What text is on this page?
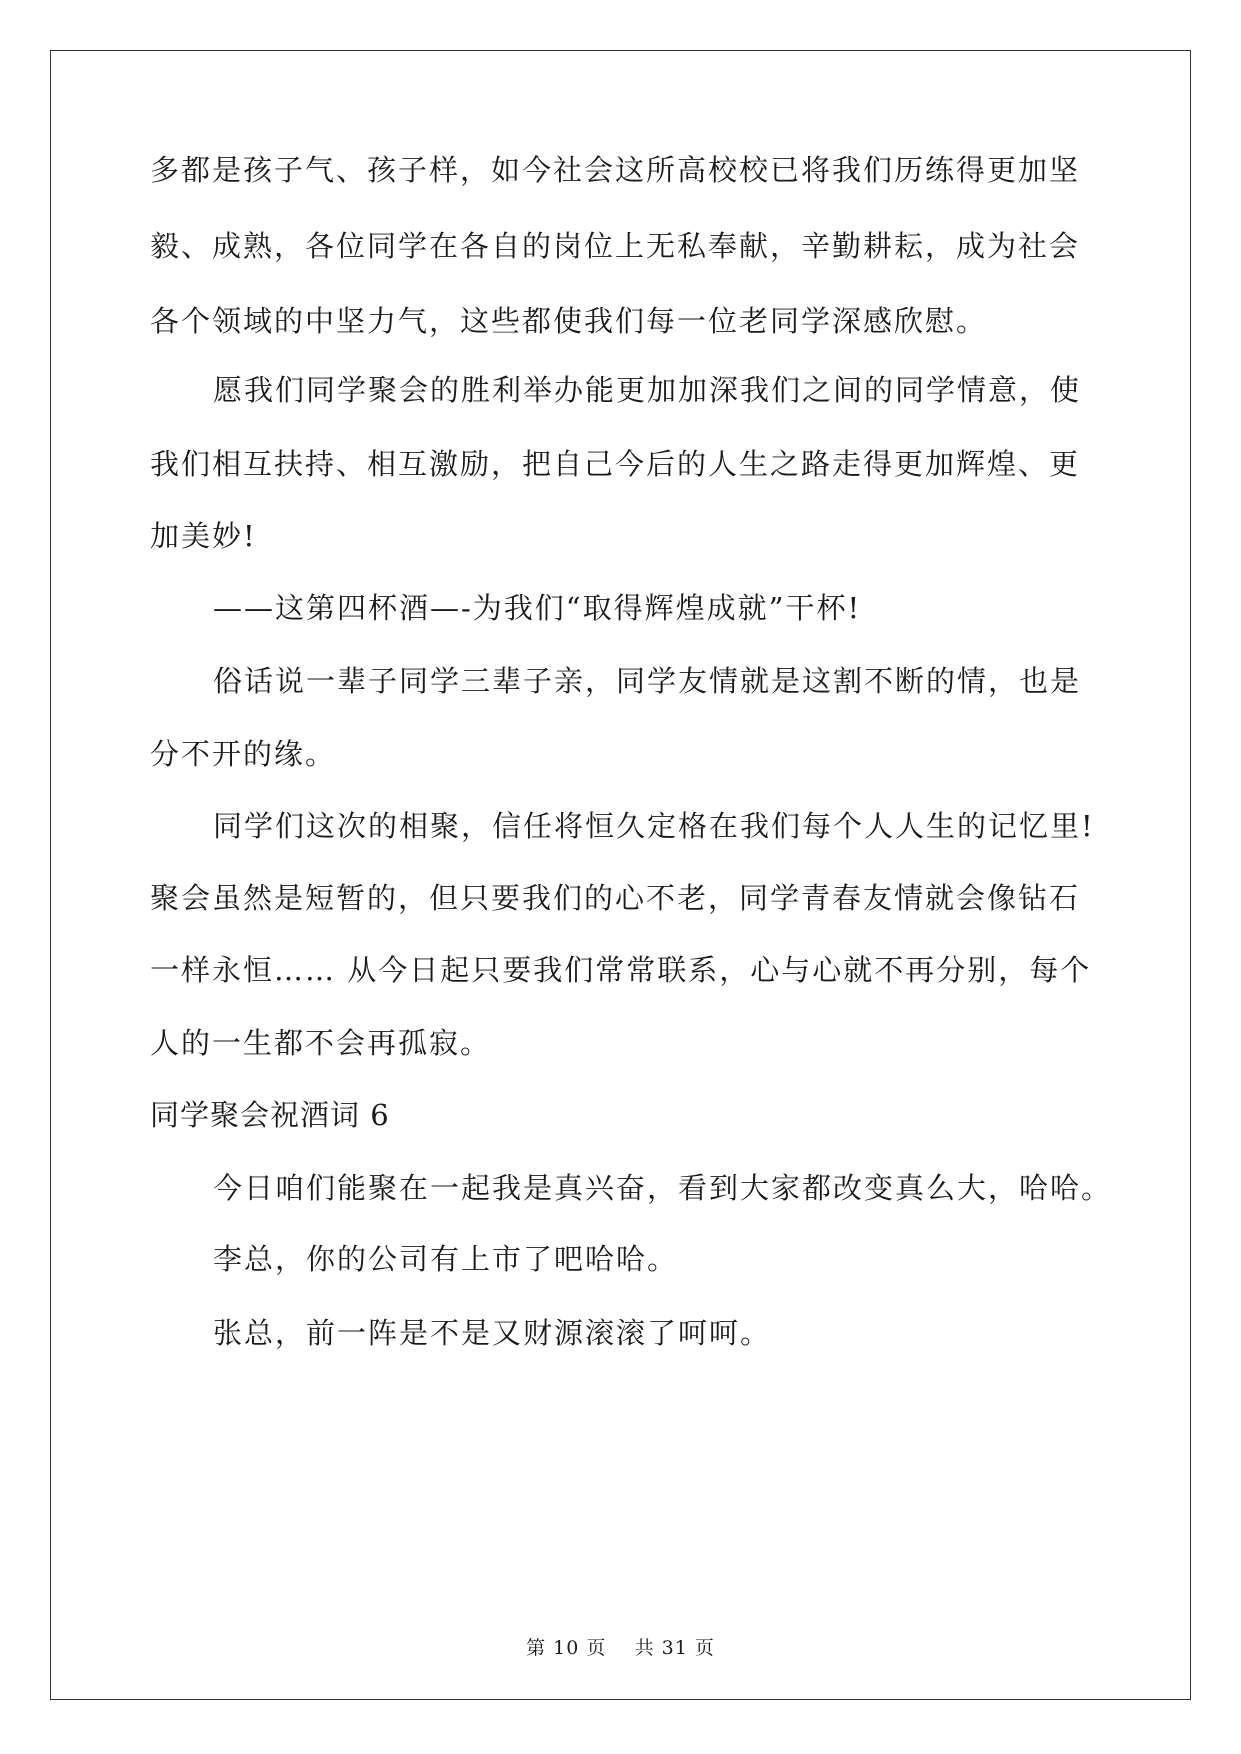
多都是孩子气、孩子样，如今社会这所高校校已将我们历练得更加坚
毅、成熟，各位同学在各自的岗位上无私奉献，辛勤耕耘，成为社会
各个领域的中坚力气，这些都使我们每一位老同学深感欣慰。
愿我们同学聚会的胜利举办能更加加深我们之间的同学情意，使
我们相互扶持、相互激励，把自己今后的人生之路走得更加辉煌、更
加美妙!
——这第四杯酒—-为我们“取得辉煌成就”干杯!
俗话说一辈子同学三辈子亲，同学友情就是这割不断的情，也是
分不开的缘。
同学们这次的相聚，信任将恒久定格在我们每个人人生的记忆里!
聚会虽然是短暂的，但只要我们的心不老，同学青春友情就会像钻石
一样永恒…… 从今日起只要我们常常联系，心与心就不再分别，每个
人的一生都不会再孤寂。
同学聚会祝酒词 6
今日咱们能聚在一起我是真兴奋，看到大家都改变真么大，哈哈。
李总，你的公司有上市了吧哈哈。
张总，前一阵是不是又财源滚滚了呵呵。
第 10 页 共 31 页
